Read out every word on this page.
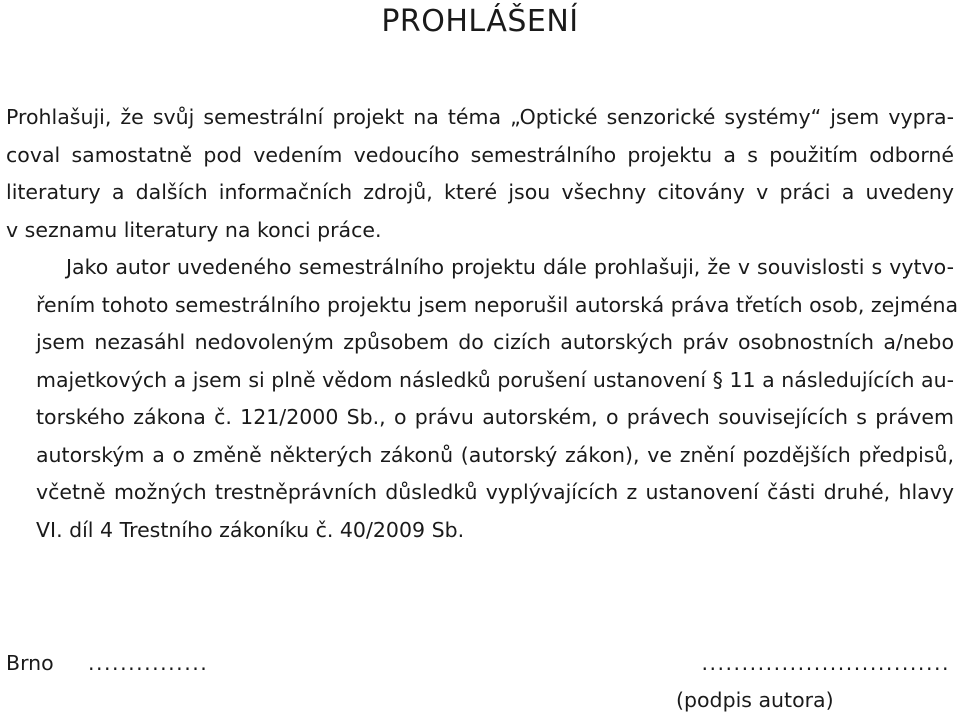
PROHLÁŠENÍ
Prohlašuji, že svůj semestrální projekt na téma „Optické senzorické systémy“ jsem vypra-
coval samostatně pod vedením vedoucího semestrálního projektu a s použitím odborné
literatury a dalších informačních zdrojů, které jsou všechny citovány v práci a uvedeny
v seznamu literatury na konci práce.
Jako autor uvedeného semestrálního projektu dále prohlašuji, že v souvislosti s vytvo-
řením tohoto semestrálního projektu jsem neporušil autorská práva třetích osob, zejména
jsem nezasáhl nedovoleným způsobem do cizích autorských práv osobnostních a/nebo
majetkových a jsem si plně vědom následků porušení ustanovení § 11 a následujících au-
torského zákona č. 121/2000 Sb., o právu autorském, o právech souvisejících s právem
autorským a o změně některých zákonů (autorský zákon), ve znění pozdějších předpisů,
včetně možných trestněprávních důsledků vyplývajících z ustanovení části druhé, hlavy
VI. díl 4 Trestního zákoníku č. 40/2009 Sb.
Brno ...............	...............................
(podpis autora)
